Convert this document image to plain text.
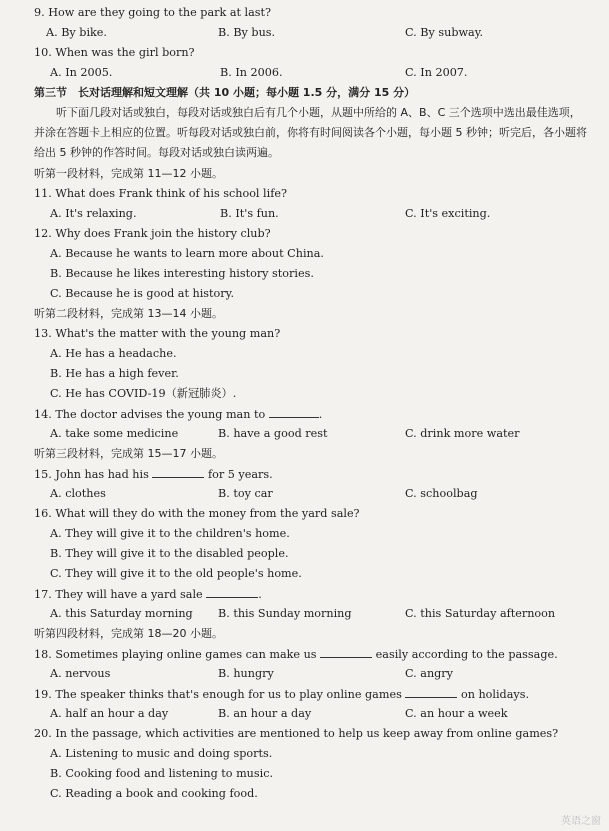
9. How are they going to the park at last?
A. By bike.	B. By bus.	C. By subway.
10. When was the girl born?
A. In 2005.	B. In 2006.	C. In 2007.
第三节　长对话理解和短文理解（共 10 小题；每小题 1.5 分，满分 15 分）
听下面几段对话或独白，每段对话或独白后有几个小题，从题中所给的 A、B、C 三个选项中选出最佳选项，并涂在答题卡上相应的位置。听每段对话或独白前，你将有时间阅读各个小题，每小题 5 秒钟；听完后，各小题将给出 5 秒钟的作答时间。每段对话或独白读两遍。
听第一段材料，完成第 11—12 小题。
11. What does Frank think of his school life?
A. It's relaxing.	B. It's fun.	C. It's exciting.
12. Why does Frank join the history club?
A. Because he wants to learn more about China.
B. Because he likes interesting history stories.
C. Because he is good at history.
听第二段材料，完成第 13—14 小题。
13. What's the matter with the young man?
A. He has a headache.
B. He has a high fever.
C. He has COVID-19（新冠肺炎）.
14. The doctor advises the young man to	.
A. take some medicine	B. have a good rest	C. drink more water
听第三段材料，完成第 15—17 小题。
15. John has had his	for 5 years.
A. clothes	B. toy car	C. schoolbag
16. What will they do with the money from the yard sale?
A. They will give it to the children's home.
B. They will give it to the disabled people.
C. They will give it to the old people's home.
17. They will have a yard sale	.
A. this Saturday morning B. this Sunday morning	C. this Saturday afternoon
听第四段材料，完成第 18—20 小题。
18. Sometimes playing online games can make us	easily according to the passage.
A. nervous	B. hungry	C. angry
19. The speaker thinks that's enough for us to play online games	on holidays.
A. half an hour a day	B. an hour a day	C. an hour a week
20. In the passage, which activities are mentioned to help us keep away from online games?
A. Listening to music and doing sports.
B. Cooking food and listening to music.
C. Reading a book and cooking food.
英语之窗
